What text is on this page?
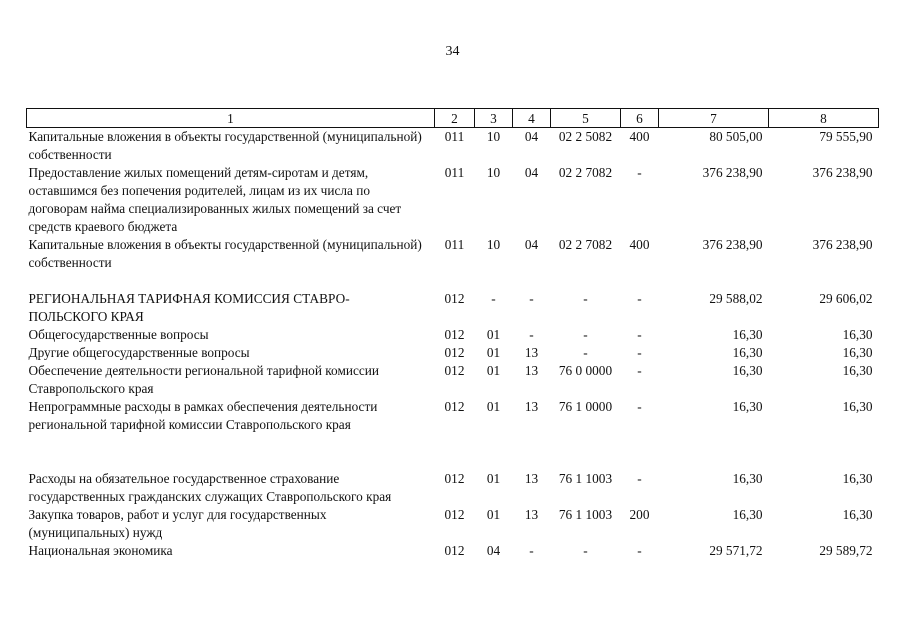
34
1	2	3	4	5	6	7	8
Капитальные вложения в объекты государственной (муниципальной) собственности	011	10	04	02 2 5082	400	80 505,00	79 555,90
Предоставление жилых помещений детям-сиротам и детям, оставшимся без попечения родителей, лицам из их числа по договорам найма специализированных жилых помещений за счет средств краевого бюджета	011	10	04	02 2 7082	-	376 238,90	376 238,90
Капитальные вложения в объекты государственной (муниципальной) собственности	011	10	04	02 2 7082	400	376 238,90	376 238,90
РЕГИОНАЛЬНАЯ ТАРИФНАЯ КОМИССИЯ СТАВРО-ПОЛЬСКОГО КРАЯ	012	-	-	-	-	29 588,02	29 606,02
Общегосударственные вопросы	012	01	-	-	-	16,30	16,30
Другие общегосударственные вопросы	012	01	13	-	-	16,30	16,30
Обеспечение деятельности региональной тарифной комиссии Ставропольского края	012	01	13	76 0 0000	-	16,30	16,30
Непрограммные расходы в рамках обеспечения деятельности региональной тарифной комиссии Ставропольского края	012	01	13	76 1 0000	-	16,30	16,30
Расходы на обязательное государственное страхование государственных гражданских служащих Ставропольского края	012	01	13	76 1 1003	-	16,30	16,30
Закупка товаров, работ и услуг для государственных (муниципальных) нужд	012	01	13	76 1 1003	200	16,30	16,30
Национальная экономика	012	04	-	-	-	29 571,72	29 589,72
